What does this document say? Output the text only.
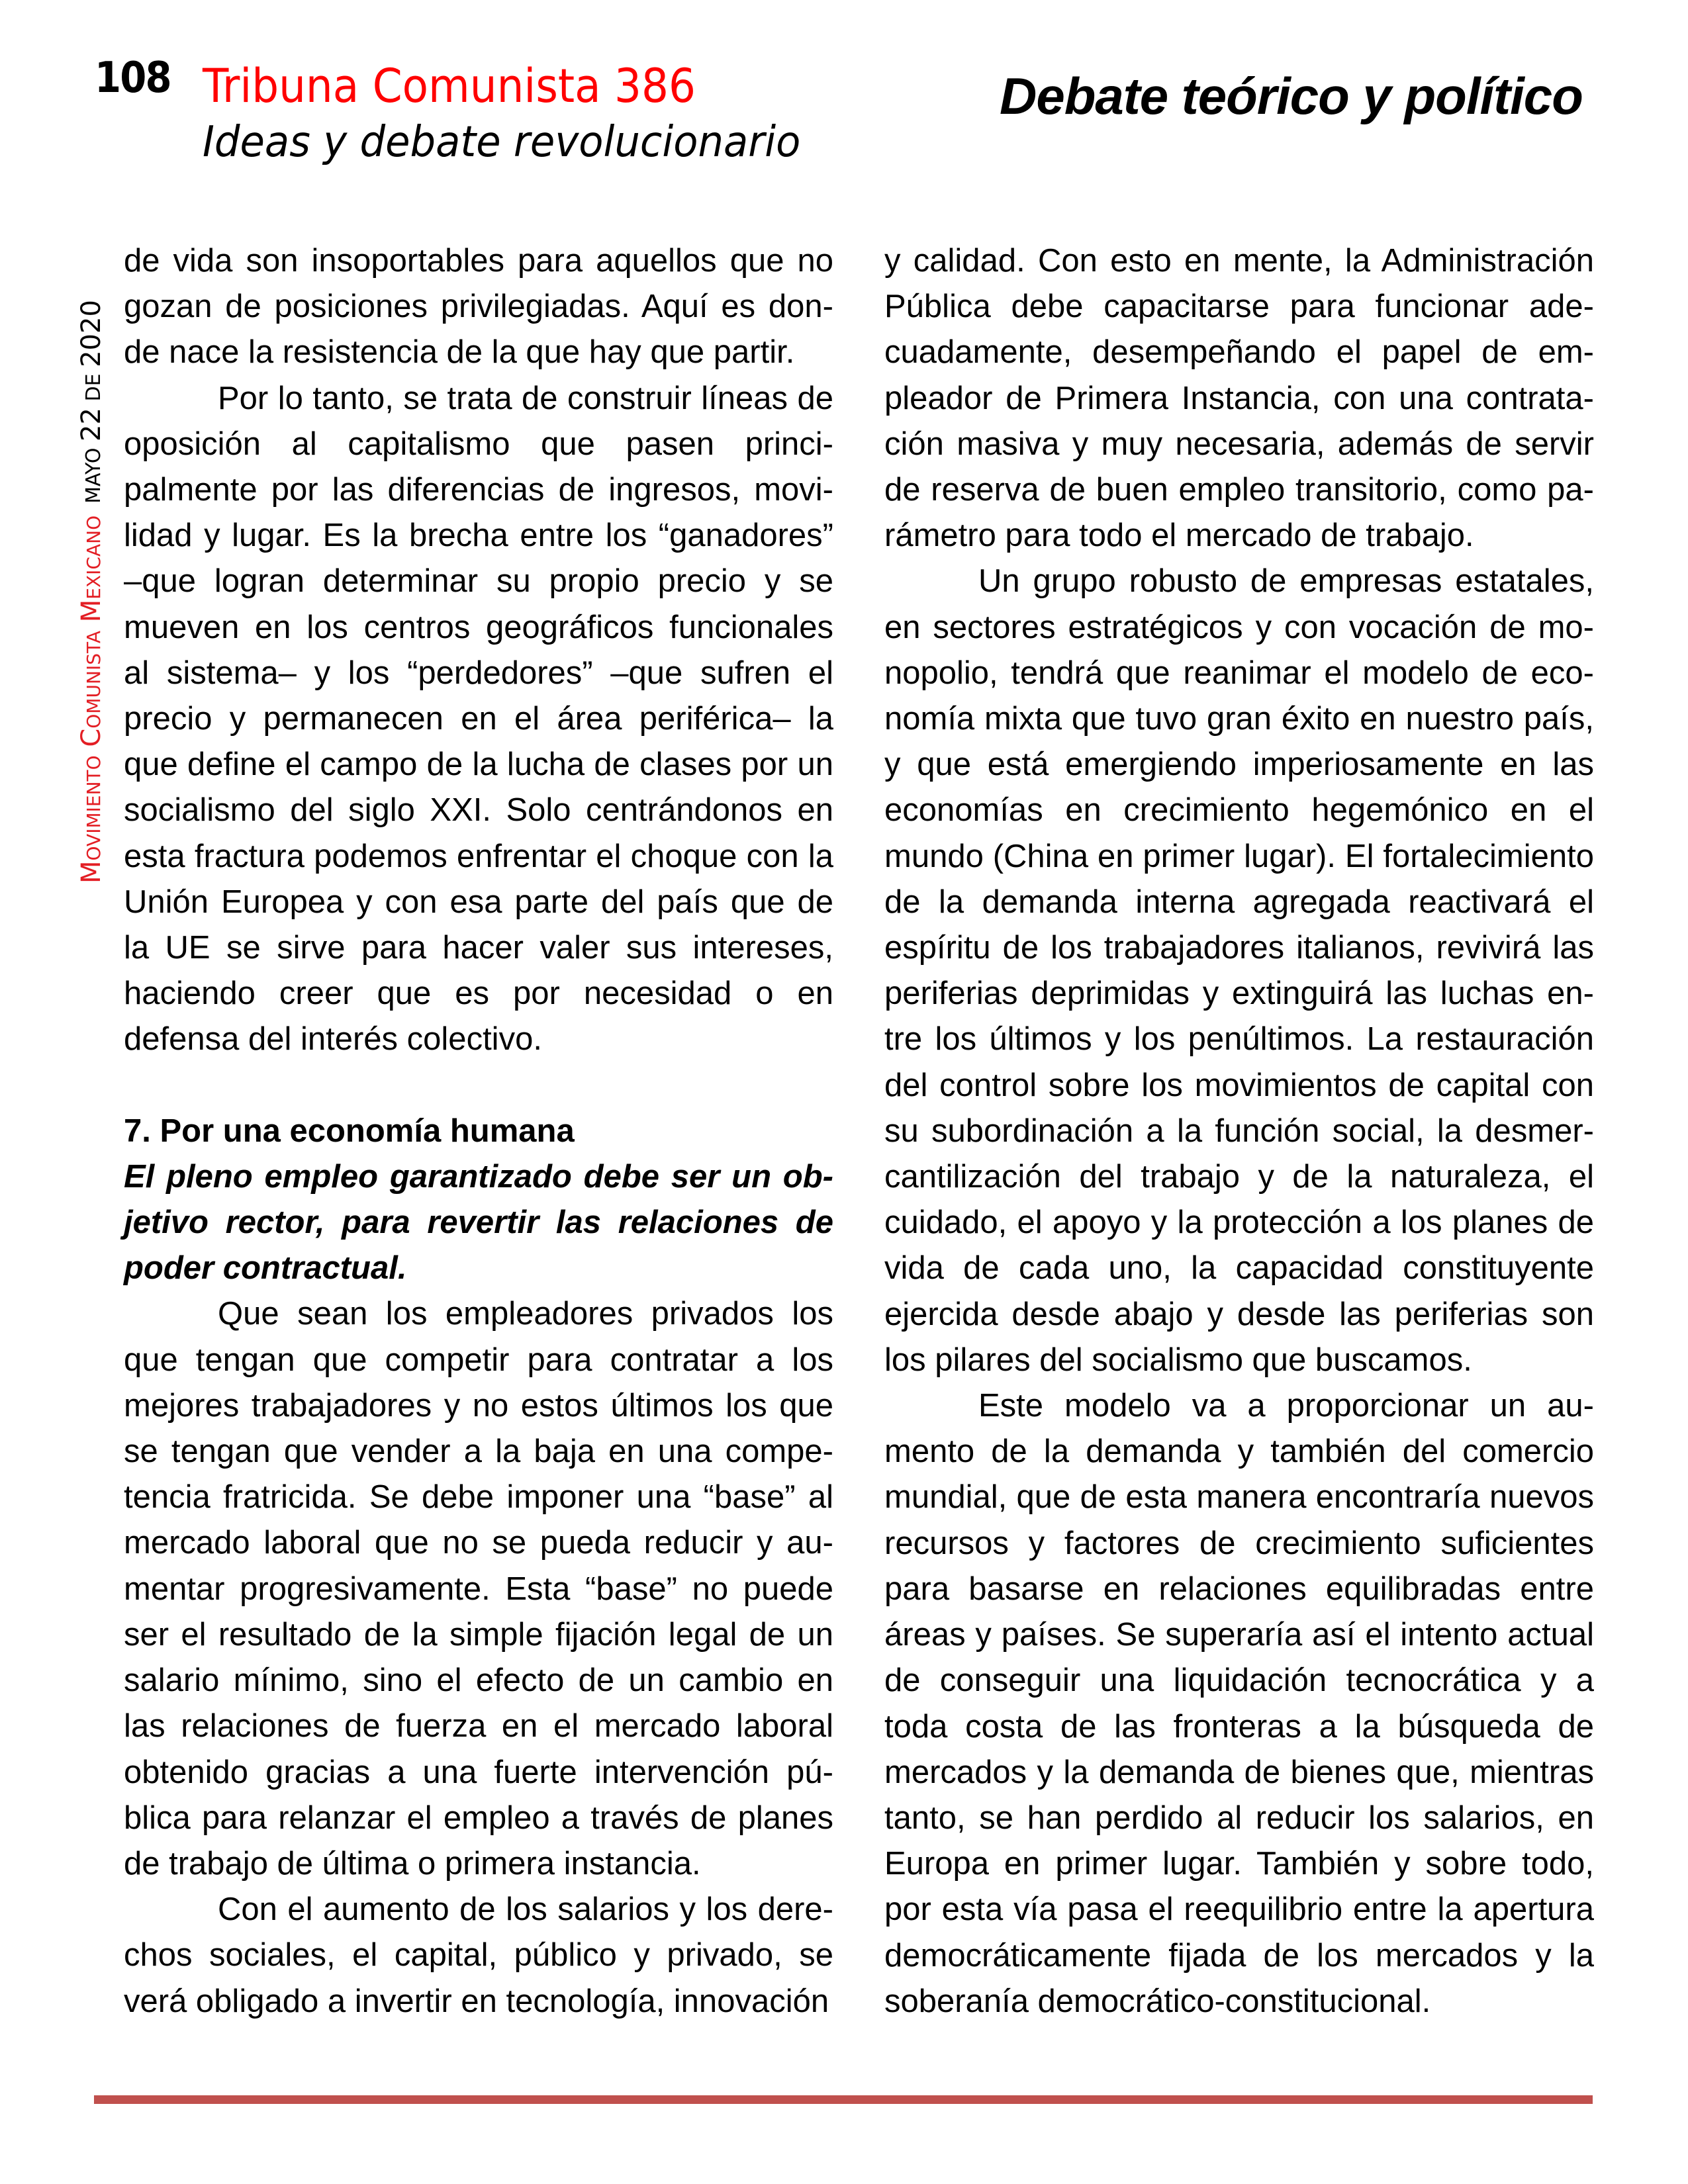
108 Tribuna Comunista 386
Ideas y debate revolucionario
Debate teórico y político
Movimiento Comunista MexicanoMAYO 22 DE 2020

de vida son insoportables para aquellos que no gozan de posiciones privilegiadas. Aquí es donde nace la resistencia de la que hay que partir.

Por lo tanto, se trata de construir líneas de oposición al capitalismo que pasen principalmente por las diferencias de ingresos, movilidad y lugar. Es la brecha entre los “ganadores” –que logran determinar su propio precio y se mueven en los centros geográficos funcionales al sistema– y los “perdedores” –que sufren el precio y permanecen en el área periférica– la que define el campo de la lucha de clases por un socialismo del siglo XXI. Solo centrándonos en esta fractura podemos enfrentar el choque con la Unión Europea y con esa parte del país que de la UE se sirve para hacer valer sus intereses, haciendo creer que es por necesidad o en defensa del interés colectivo.

7. Por una economía humana

El pleno empleo garantizado debe ser un objetivo rector, para revertir las relaciones de poder contractual.

Que sean los empleadores privados los que tengan que competir para contratar a los mejores trabajadores y no estos últimos los que se tengan que vender a la baja en una competencia fratricida. Se debe imponer una “base” al mercado laboral que no se pueda reducir y aumentar progresivamente. Esta “base” no puede ser el resultado de la simple fijación legal de un salario mínimo, sino el efecto de un cambio en las relaciones de fuerza en el mercado laboral obtenido gracias a una fuerte intervención pública para relanzar el empleo a través de planes de trabajo de última o primera instancia.

Con el aumento de los salarios y los derechos sociales, el capital, público y privado, se verá obligado a invertir en tecnología, innovación

y calidad. Con esto en mente, la Administración Pública debe capacitarse para funcionar adecuadamente, desempeñando el papel de empleador de Primera Instancia, con una contratación masiva y muy necesaria, además de servir de reserva de buen empleo transitorio, como parámetro para todo el mercado de trabajo.

Un grupo robusto de empresas estatales, en sectores estratégicos y con vocación de monopolio, tendrá que reanimar el modelo de economía mixta que tuvo gran éxito en nuestro país, y que está emergiendo imperiosamente en las economías en crecimiento hegemónico en el mundo (China en primer lugar). El fortalecimiento de la demanda interna agregada reactivará el espíritu de los trabajadores italianos, revivirá las periferias deprimidas y extinguirá las luchas entre los últimos y los penúltimos. La restauración del control sobre los movimientos de capital con su subordinación a la función social, la desmercantilización del trabajo y de la naturaleza, el cuidado, el apoyo y la protección a los planes de vida de cada uno, la capacidad constituyente ejercida desde abajo y desde las periferias son los pilares del socialismo que buscamos.

Este modelo va a proporcionar un aumento de la demanda y también del comercio mundial, que de esta manera encontraría nuevos recursos y factores de crecimiento suficientes para basarse en relaciones equilibradas entre áreas y países. Se superaría así el intento actual de conseguir una liquidación tecnocrática y a toda costa de las fronteras a la búsqueda de mercados y la demanda de bienes que, mientras tanto, se han perdido al reducir los salarios, en Europa en primer lugar. También y sobre todo, por esta vía pasa el reequilibrio entre la apertura democráticamente fijada de los mercados y la soberanía democrático-constitucional.
